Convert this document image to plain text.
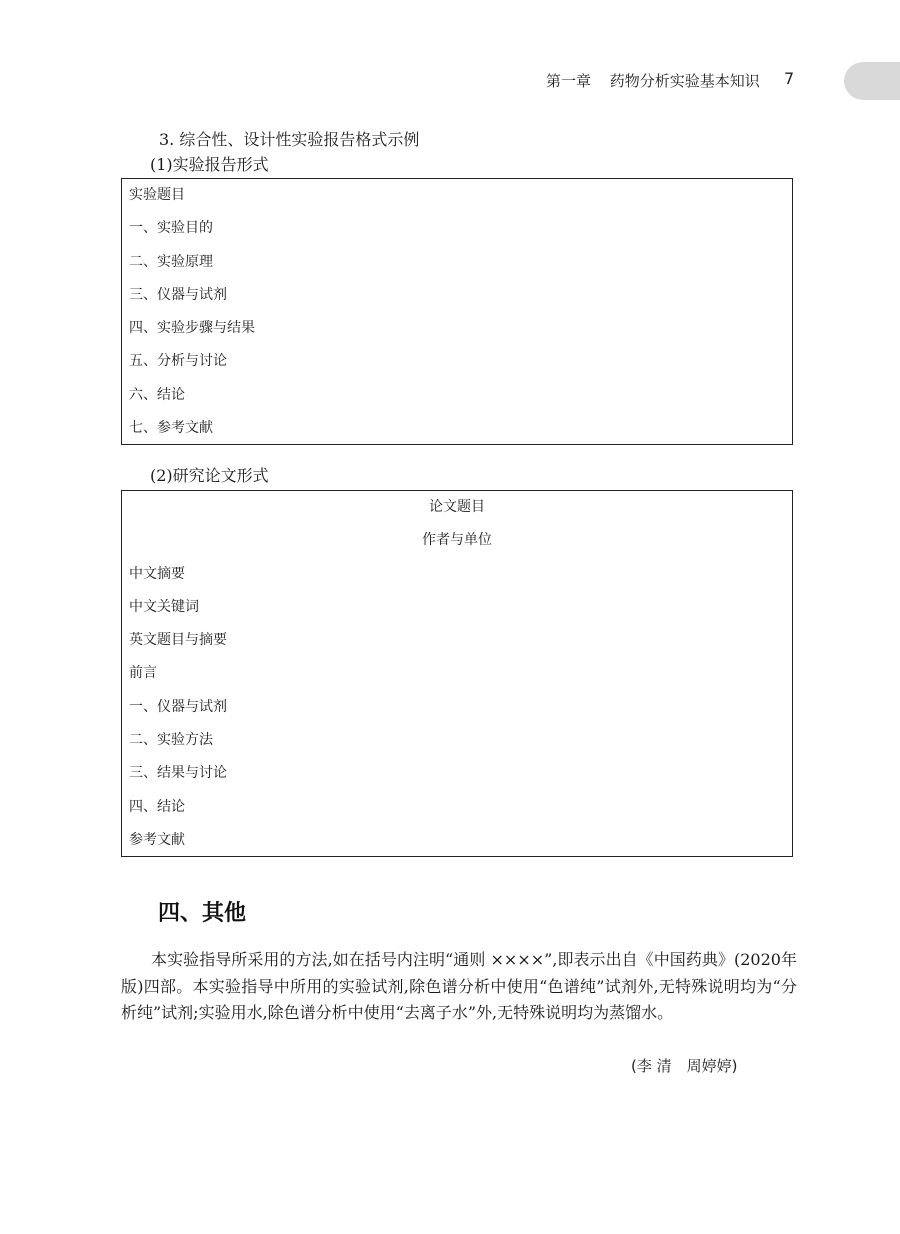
第一章 药物分析实验基本知识 7
3. 综合性、设计性实验报告格式示例
(1)实验报告形式
实验题目
一、实验目的
二、实验原理
三、仪器与试剂
四、实验步骤与结果
五、分析与讨论
六、结论
七、参考文献
(2)研究论文形式
论文题目
作者与单位
中文摘要
中文关键词
英文题目与摘要
前言
一、仪器与试剂
二、实验方法
三、结果与讨论
四、结论
参考文献
四、其他

本实验指导所采用的方法,如在括号内注明“通则 ××××”,即表示出自《中国药典》(2020年版)四部。本实验指导中所用的实验试剂,除色谱分析中使用“色谱纯”试剂外,无特殊说明均为“分析纯”试剂;实验用水,除色谱分析中使用“去离子水”外,无特殊说明均为蒸馏水。

(李 清　周婷婷)
